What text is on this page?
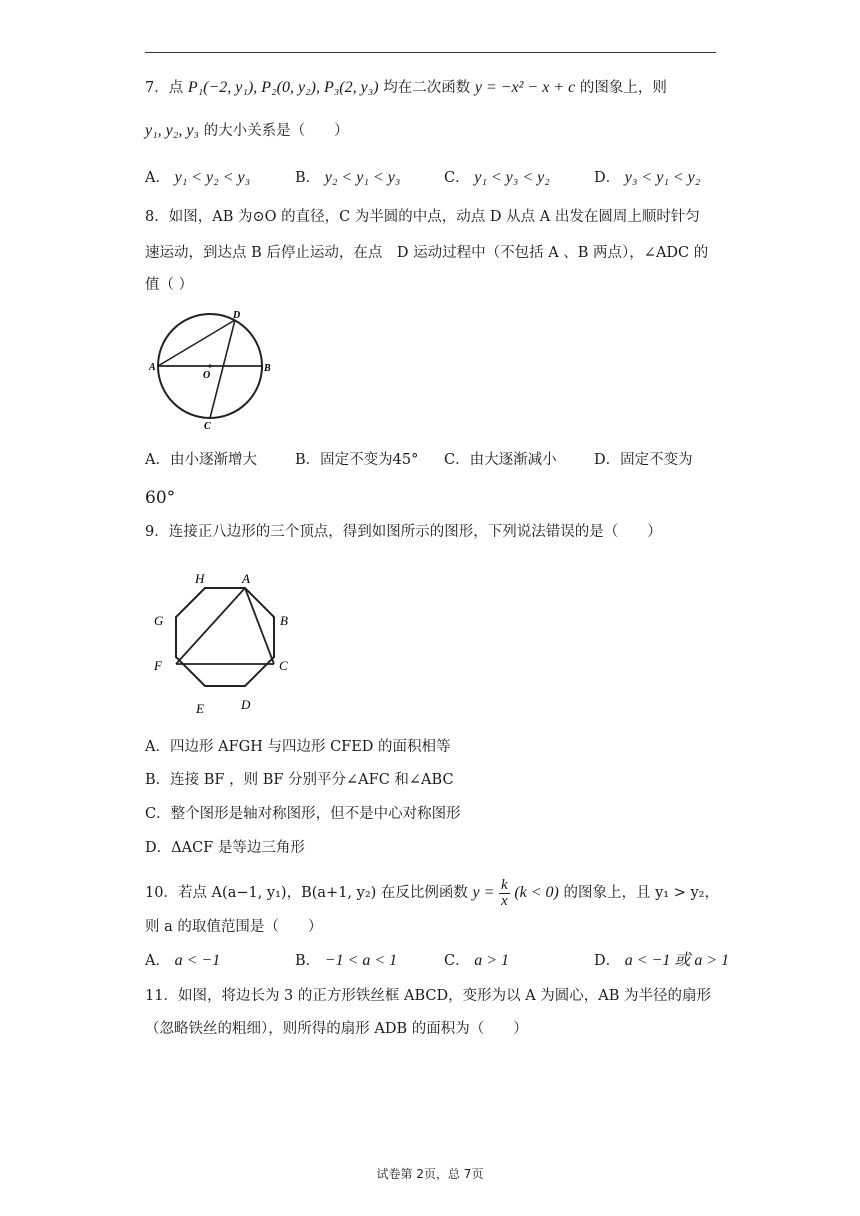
7．点 P₁(−2, y₁), P₂(0, y₂), P₃(2, y₃) 均在二次函数 y = −x² − x + c 的图象上，则
y₁, y₂, y₃ 的大小关系是（　　）
A． y₁ < y₂ < y₃	B． y₂ < y₁ < y₃	C． y₁ < y₃ < y₂	D． y₃ < y₁ < y₂
8．如图，AB 为⊙O 的直径，C 为半圆的中点，动点 D 从点 A 出发在圆周上顺时针匀
速运动，到达点 B 后停止运动，在点　D 运动过程中（不包括 A 、B 两点），∠ADC 的
值（ ）
A	B
O
D
C
A．由小逐渐增大	B．固定不变为45° C．由大逐渐减小	D．固定不变为
60°
9．连接正八边形的三个顶点，得到如图所示的图形，下列说法错误的是（　　）
H	A
B
C
D
E
F
G
A．四边形 AFGH 与四边形 CFED 的面积相等
B．连接 BF ，则 BF 分别平分∠AFC 和∠ABC
C．整个图形是轴对称图形，但不是中心对称图形
D．ΔACF 是等边三角形
10．若点 A(a−1, y₁)，B(a+1, y₂) 在反比例函数 $y = \frac{k}{x} (k < 0)$ 的图象上，且 y₁ > y₂，
则 a 的取值范围是（　　）
A． a < −1	B． −1 < a < 1	C． a > 1	D． a < −1 或 a > 1
11．如图，将边长为 3 的正方形铁丝框 ABCD，变形为以 A 为圆心，AB 为半径的扇形
（忽略铁丝的粗细），则所得的扇形 ADB 的面积为（　　）
试卷第 2页，总 7页
